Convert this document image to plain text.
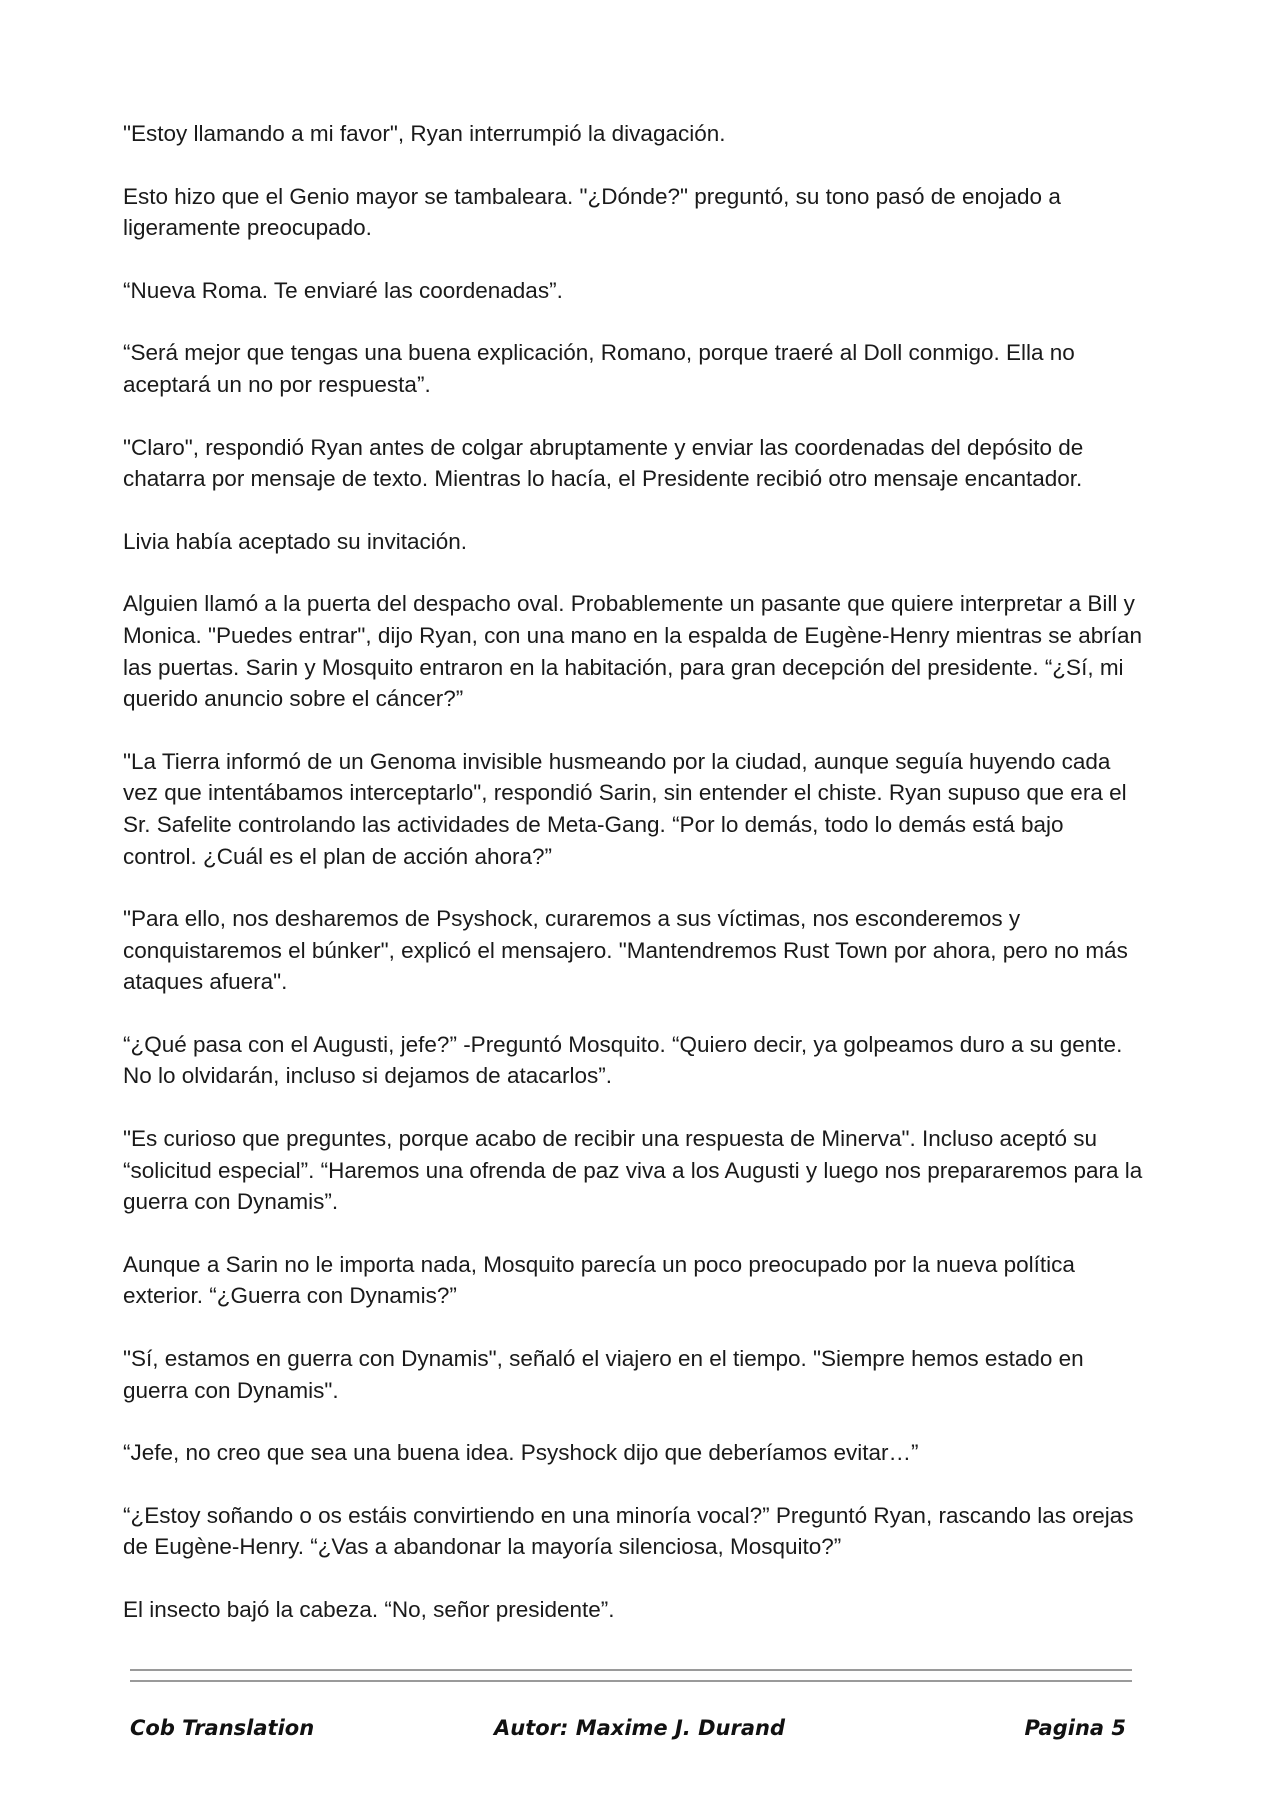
"Estoy llamando a mi favor", Ryan interrumpió la divagación.

Esto hizo que el Genio mayor se tambaleara. "¿Dónde?" preguntó, su tono pasó de enojado a ligeramente preocupado.

“Nueva Roma. Te enviaré las coordenadas”.

“Será mejor que tengas una buena explicación, Romano, porque traeré al Doll conmigo. Ella no aceptará un no por respuesta”.

"Claro", respondió Ryan antes de colgar abruptamente y enviar las coordenadas del depósito de chatarra por mensaje de texto. Mientras lo hacía, el Presidente recibió otro mensaje encantador.

Livia había aceptado su invitación.

Alguien llamó a la puerta del despacho oval. Probablemente un pasante que quiere interpretar a Bill y Monica. "Puedes entrar", dijo Ryan, con una mano en la espalda de Eugène-Henry mientras se abrían las puertas. Sarin y Mosquito entraron en la habitación, para gran decepción del presidente. “¿Sí, mi querido anuncio sobre el cáncer?”

"La Tierra informó de un Genoma invisible husmeando por la ciudad, aunque seguía huyendo cada vez que intentábamos interceptarlo", respondió Sarin, sin entender el chiste. Ryan supuso que era el Sr. Safelite controlando las actividades de Meta-Gang. “Por lo demás, todo lo demás está bajo control. ¿Cuál es el plan de acción ahora?”

"Para ello, nos desharemos de Psyshock, curaremos a sus víctimas, nos esconderemos y conquistaremos el búnker", explicó el mensajero. "Mantendremos Rust Town por ahora, pero no más ataques afuera".

“¿Qué pasa con el Augusti, jefe?” -Preguntó Mosquito. “Quiero decir, ya golpeamos duro a su gente. No lo olvidarán, incluso si dejamos de atacarlos”.

"Es curioso que preguntes, porque acabo de recibir una respuesta de Minerva". Incluso aceptó su “solicitud especial”. “Haremos una ofrenda de paz viva a los Augusti y luego nos prepararemos para la guerra con Dynamis”.

Aunque a Sarin no le importa nada, Mosquito parecía un poco preocupado por la nueva política exterior. “¿Guerra con Dynamis?”

"Sí, estamos en guerra con Dynamis", señaló el viajero en el tiempo. "Siempre hemos estado en guerra con Dynamis".

“Jefe, no creo que sea una buena idea. Psyshock dijo que deberíamos evitar…”

“¿Estoy soñando o os estáis convirtiendo en una minoría vocal?” Preguntó Ryan, rascando las orejas de Eugène-Henry. “¿Vas a abandonar la mayoría silenciosa, Mosquito?”

El insecto bajó la cabeza. “No, señor presidente”.

Cob Translation	Autor: Maxime J. Durand	Pagina 5
